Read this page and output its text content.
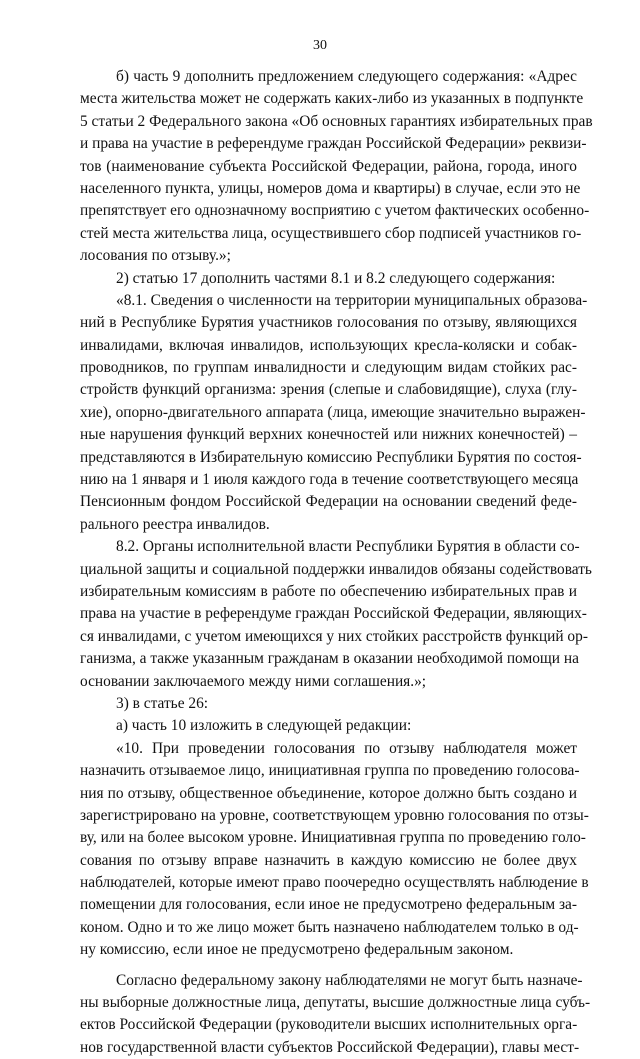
30
б) часть 9 дополнить предложением следующего содержания: «Адрес
места жительства может не содержать каких-либо из указанных в подпункте
5 статьи 2 Федерального закона «Об основных гарантиях избирательных прав
и права на участие в референдуме граждан Российской Федерации» реквизи-
тов (наименование субъекта Российской Федерации, района, города, иного
населенного пункта, улицы, номеров дома и квартиры) в случае, если это не
препятствует его однозначному восприятию с учетом фактических особенно-
стей места жительства лица, осуществившего сбор подписей участников го-
лосования по отзыву.»;
2) статью 17 дополнить частями 8.1 и 8.2 следующего содержания:
«8.1. Сведения о численности на территории муниципальных образова-
ний в Республике Бурятия участников голосования по отзыву, являющихся
инвалидами, включая инвалидов, использующих кресла-коляски и собак-
проводников, по группам инвалидности и следующим видам стойких рас-
стройств функций организма: зрения (слепые и слабовидящие), слуха (глу-
хие), опорно-двигательного аппарата (лица, имеющие значительно выражен-
ные нарушения функций верхних конечностей или нижних конечностей) –
представляются в Избирательную комиссию Республики Бурятия по состоя-
нию на 1 января и 1 июля каждого года в течение соответствующего месяца
Пенсионным фондом Российской Федерации на основании сведений феде-
рального реестра инвалидов.
8.2. Органы исполнительной власти Республики Бурятия в области со-
циальной защиты и социальной поддержки инвалидов обязаны содействовать
избирательным комиссиям в работе по обеспечению избирательных прав и
права на участие в референдуме граждан Российской Федерации, являющих-
ся инвалидами, с учетом имеющихся у них стойких расстройств функций ор-
ганизма, а также указанным гражданам в оказании необходимой помощи на
основании заключаемого между ними соглашения.»;
3) в статье 26:
а) часть 10 изложить в следующей редакции:
«10. При проведении голосования по отзыву наблюдателя может
назначить отзываемое лицо, инициативная группа по проведению голосова-
ния по отзыву, общественное объединение, которое должно быть создано и
зарегистрировано на уровне, соответствующем уровню голосования по отзы-
ву, или на более высоком уровне. Инициативная группа по проведению голо-
сования по отзыву вправе назначить в каждую комиссию не более двух
наблюдателей, которые имеют право поочередно осуществлять наблюдение в
помещении для голосования, если иное не предусмотрено федеральным за-
коном. Одно и то же лицо может быть назначено наблюдателем только в од-
ну комиссию, если иное не предусмотрено федеральным законом.
Согласно федеральному закону наблюдателями не могут быть назначе-
ны выборные должностные лица, депутаты, высшие должностные лица субъ-
ектов Российской Федерации (руководители высших исполнительных орга-
нов государственной власти субъектов Российской Федерации), главы мест-
